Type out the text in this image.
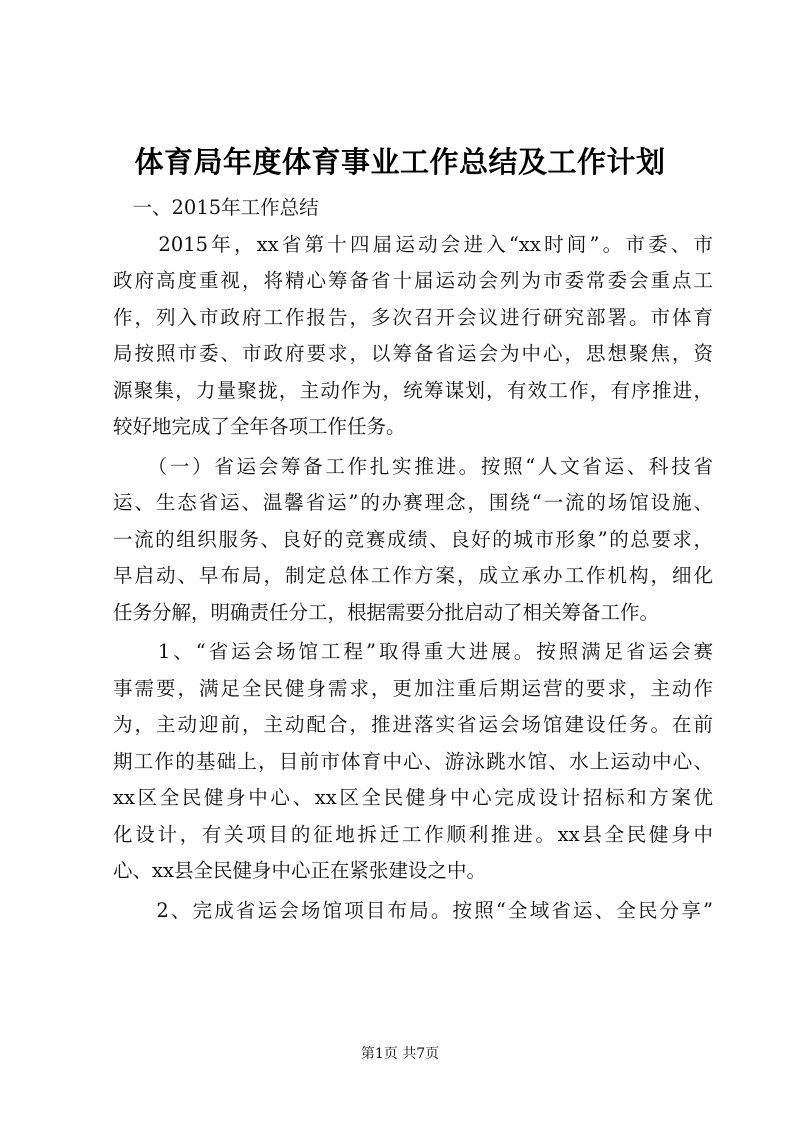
体育局年度体育事业工作总结及工作计划
　一、2015年工作总结
　　2015年，xx省第十四届运动会进入“xx时间”。市委、市
政府高度重视，将精心筹备省十届运动会列为市委常委会重点工
作，列入市政府工作报告，多次召开会议进行研究部署。市体育
局按照市委、市政府要求，以筹备省运会为中心，思想聚焦，资
源聚集，力量聚拢，主动作为，统筹谋划，有效工作，有序推进，
较好地完成了全年各项工作任务。
　　（一）省运会筹备工作扎实推进。按照“人文省运、科技省
运、生态省运、温馨省运”的办赛理念，围绕“一流的场馆设施、
一流的组织服务、良好的竞赛成绩、良好的城市形象”的总要求，
早启动、早布局，制定总体工作方案，成立承办工作机构，细化
任务分解，明确责任分工，根据需要分批启动了相关筹备工作。
　　1、“省运会场馆工程”取得重大进展。按照满足省运会赛
事需要，满足全民健身需求，更加注重后期运营的要求，主动作
为，主动迎前，主动配合，推进落实省运会场馆建设任务。在前
期工作的基础上，目前市体育中心、游泳跳水馆、水上运动中心、
xx区全民健身中心、xx区全民健身中心完成设计招标和方案优
化设计，有关项目的征地拆迁工作顺利推进。xx县全民健身中
心、xx县全民健身中心正在紧张建设之中。
　　2、完成省运会场馆项目布局。按照“全域省运、全民分享”
第1页 共7页
